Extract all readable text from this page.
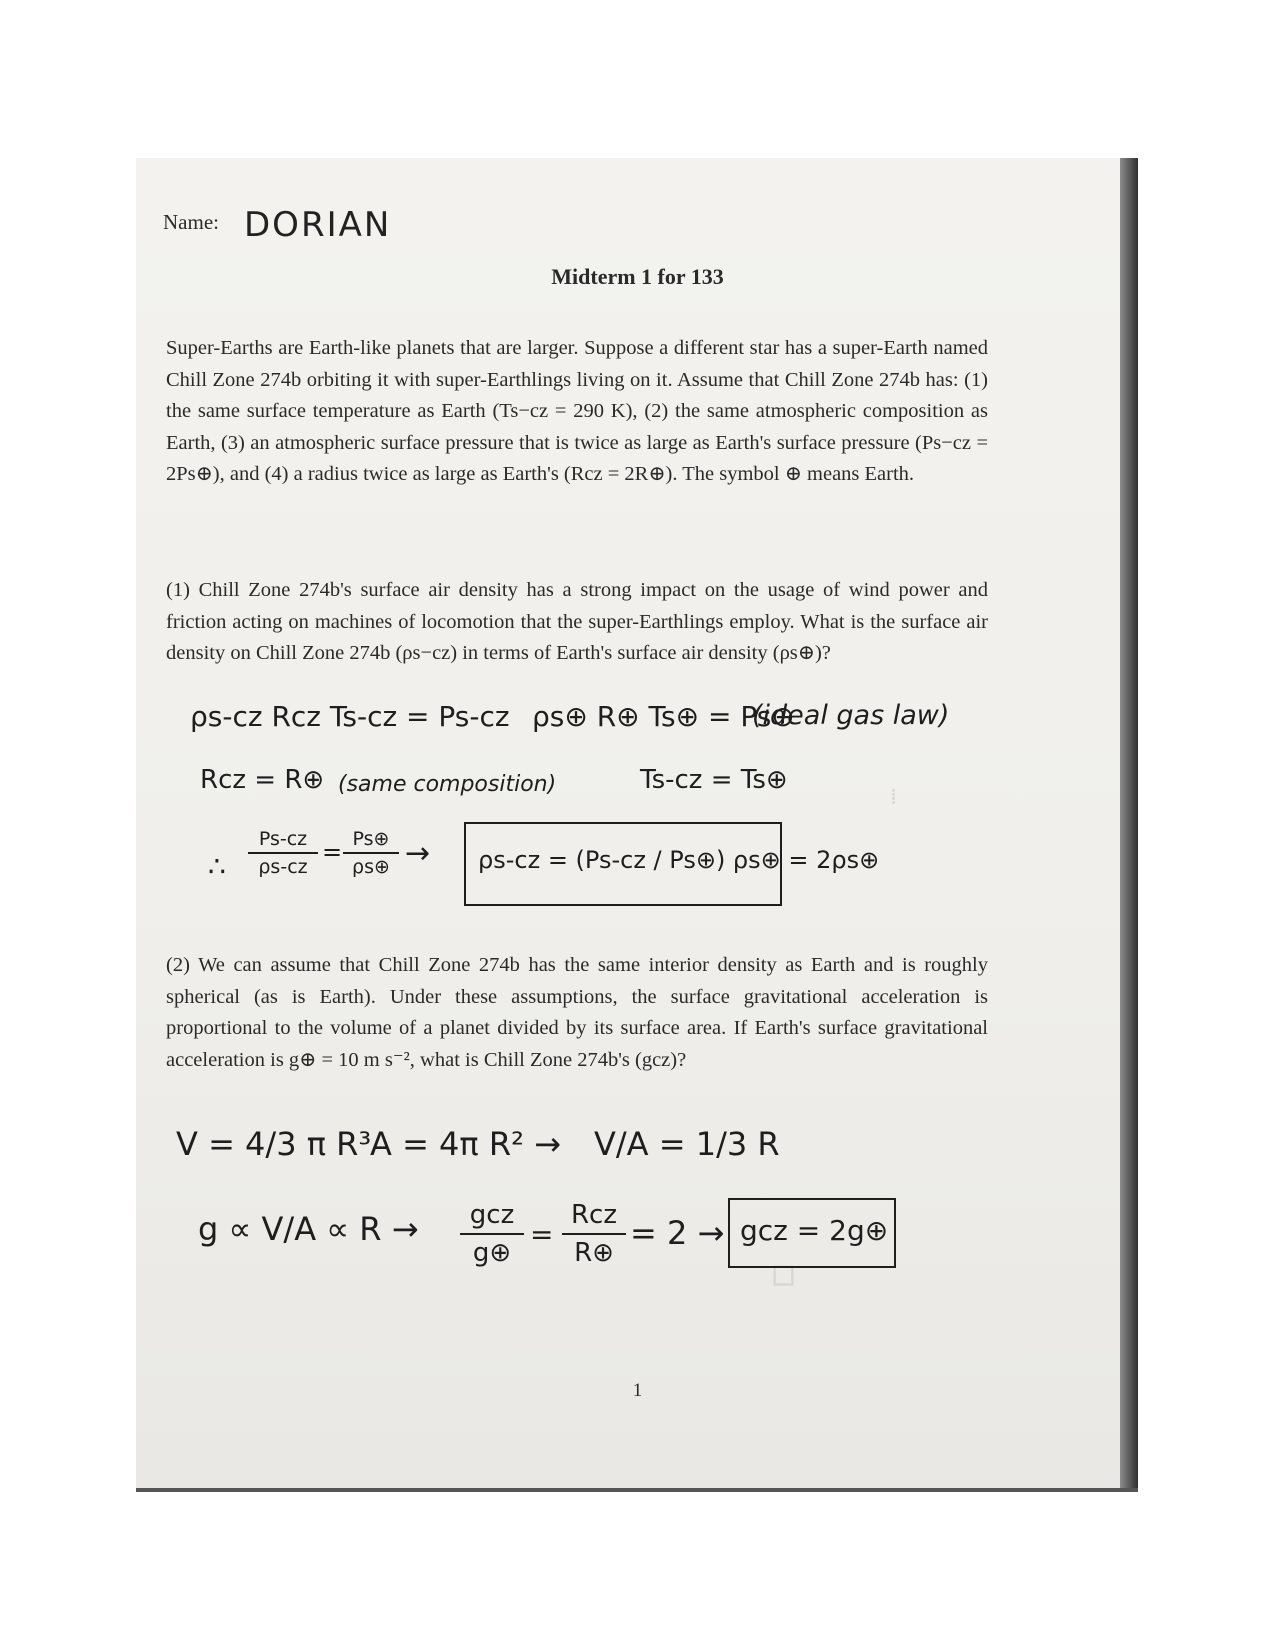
⁞
▫
Name: DORIAN
Midterm 1 for 133
Super-Earths are Earth-like planets that are larger. Suppose a different star has a super-Earth named Chill Zone 274b orbiting it with super-Earthlings living on it. Assume that Chill Zone 274b has: (1) the same surface temperature as Earth (Ts−cz = 290 K), (2) the same atmospheric composition as Earth, (3) an atmospheric surface pressure that is twice as large as Earth's surface pressure (Ps−cz = 2Ps⊕), and (4) a radius twice as large as Earth's (Rcz = 2R⊕). The symbol ⊕ means Earth.
(1) Chill Zone 274b's surface air density has a strong impact on the usage of wind power and friction acting on machines of locomotion that the super-Earthlings employ. What is the surface air density on Chill Zone 274b (ρs−cz) in terms of Earth's surface air density (ρs⊕)?
ρs-cz Rcz Ts-cz = Ps-cz ρs⊕ R⊕ Ts⊕ = Ps⊕
(ideal gas law)
Rcz = R⊕ (same composition)	Ts-cz = Ts⊕
∴
Ps-cz
ρs-cz
= Ps⊕
ρs⊕ → ρs-cz = (Ps-cz / Ps⊕) ρs⊕ = 2ρs⊕
(2) We can assume that Chill Zone 274b has the same interior density as Earth and is roughly spherical (as is Earth). Under these assumptions, the surface gravitational acceleration is proportional to the volume of a planet divided by its surface area. If Earth's surface gravitational acceleration is g⊕ = 10 m s⁻², what is Chill Zone 274b's (gcz)?
V = 4/3 π R³
A = 4π R² → V/A = 1/3 R
g ∝ V/A ∝ R →	gcz
g⊕
=
Rcz
R⊕
= 2 → gcz = 2g⊕
1
